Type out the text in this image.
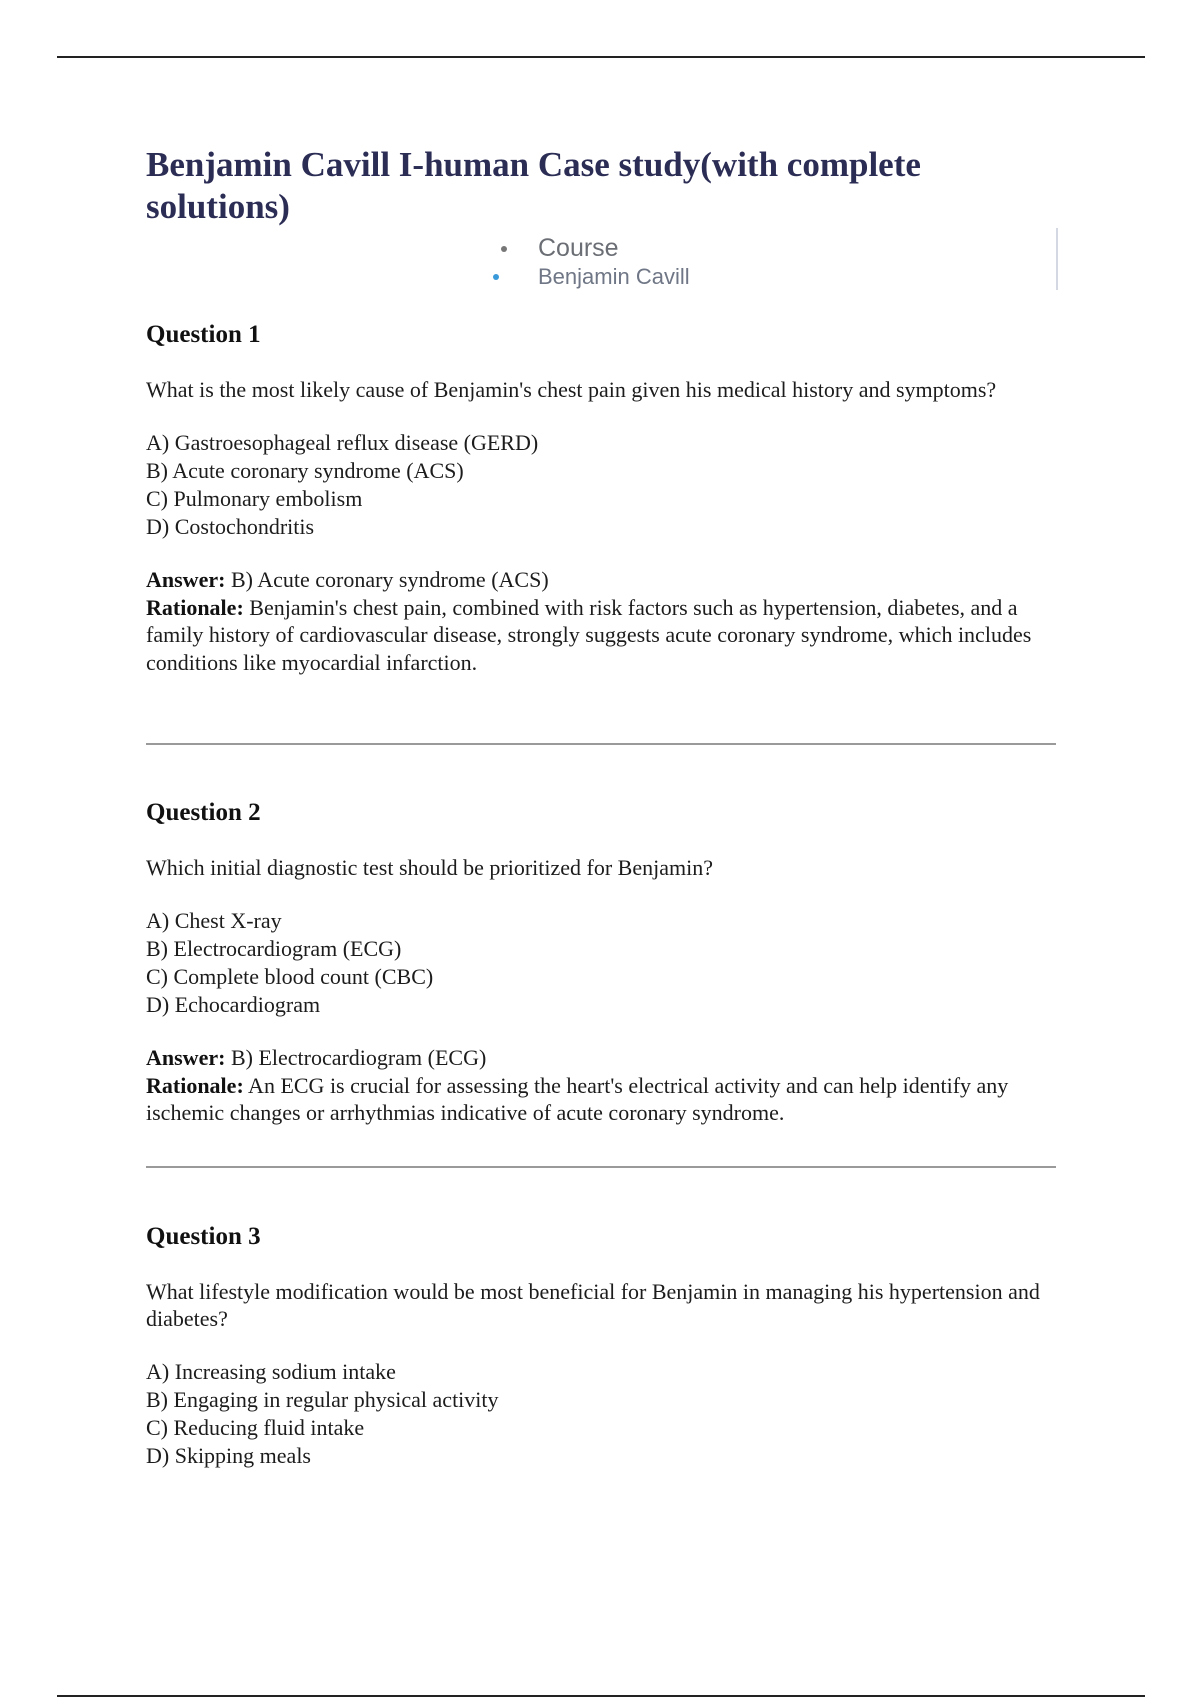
Benjamin Cavill I-human Case study(with complete solutions)
Course
Benjamin Cavill
Question 1

What is the most likely cause of Benjamin's chest pain given his medical history and symptoms?

A) Gastroesophageal reflux disease (GERD)
B) Acute coronary syndrome (ACS)
C) Pulmonary embolism
D) Costochondritis
Answer: B) Acute coronary syndrome (ACS)
Rationale: Benjamin's chest pain, combined with risk factors such as hypertension, diabetes, and a family history of cardiovascular disease, strongly suggests acute coronary syndrome, which includes conditions like myocardial infarction.
Question 2

Which initial diagnostic test should be prioritized for Benjamin?

A) Chest X-ray
B) Electrocardiogram (ECG)
C) Complete blood count (CBC)
D) Echocardiogram
Answer: B) Electrocardiogram (ECG)
Rationale: An ECG is crucial for assessing the heart's electrical activity and can help identify any ischemic changes or arrhythmias indicative of acute coronary syndrome.
Question 3

What lifestyle modification would be most beneficial for Benjamin in managing his hypertension and diabetes?

A) Increasing sodium intake
B) Engaging in regular physical activity
C) Reducing fluid intake
D) Skipping meals
